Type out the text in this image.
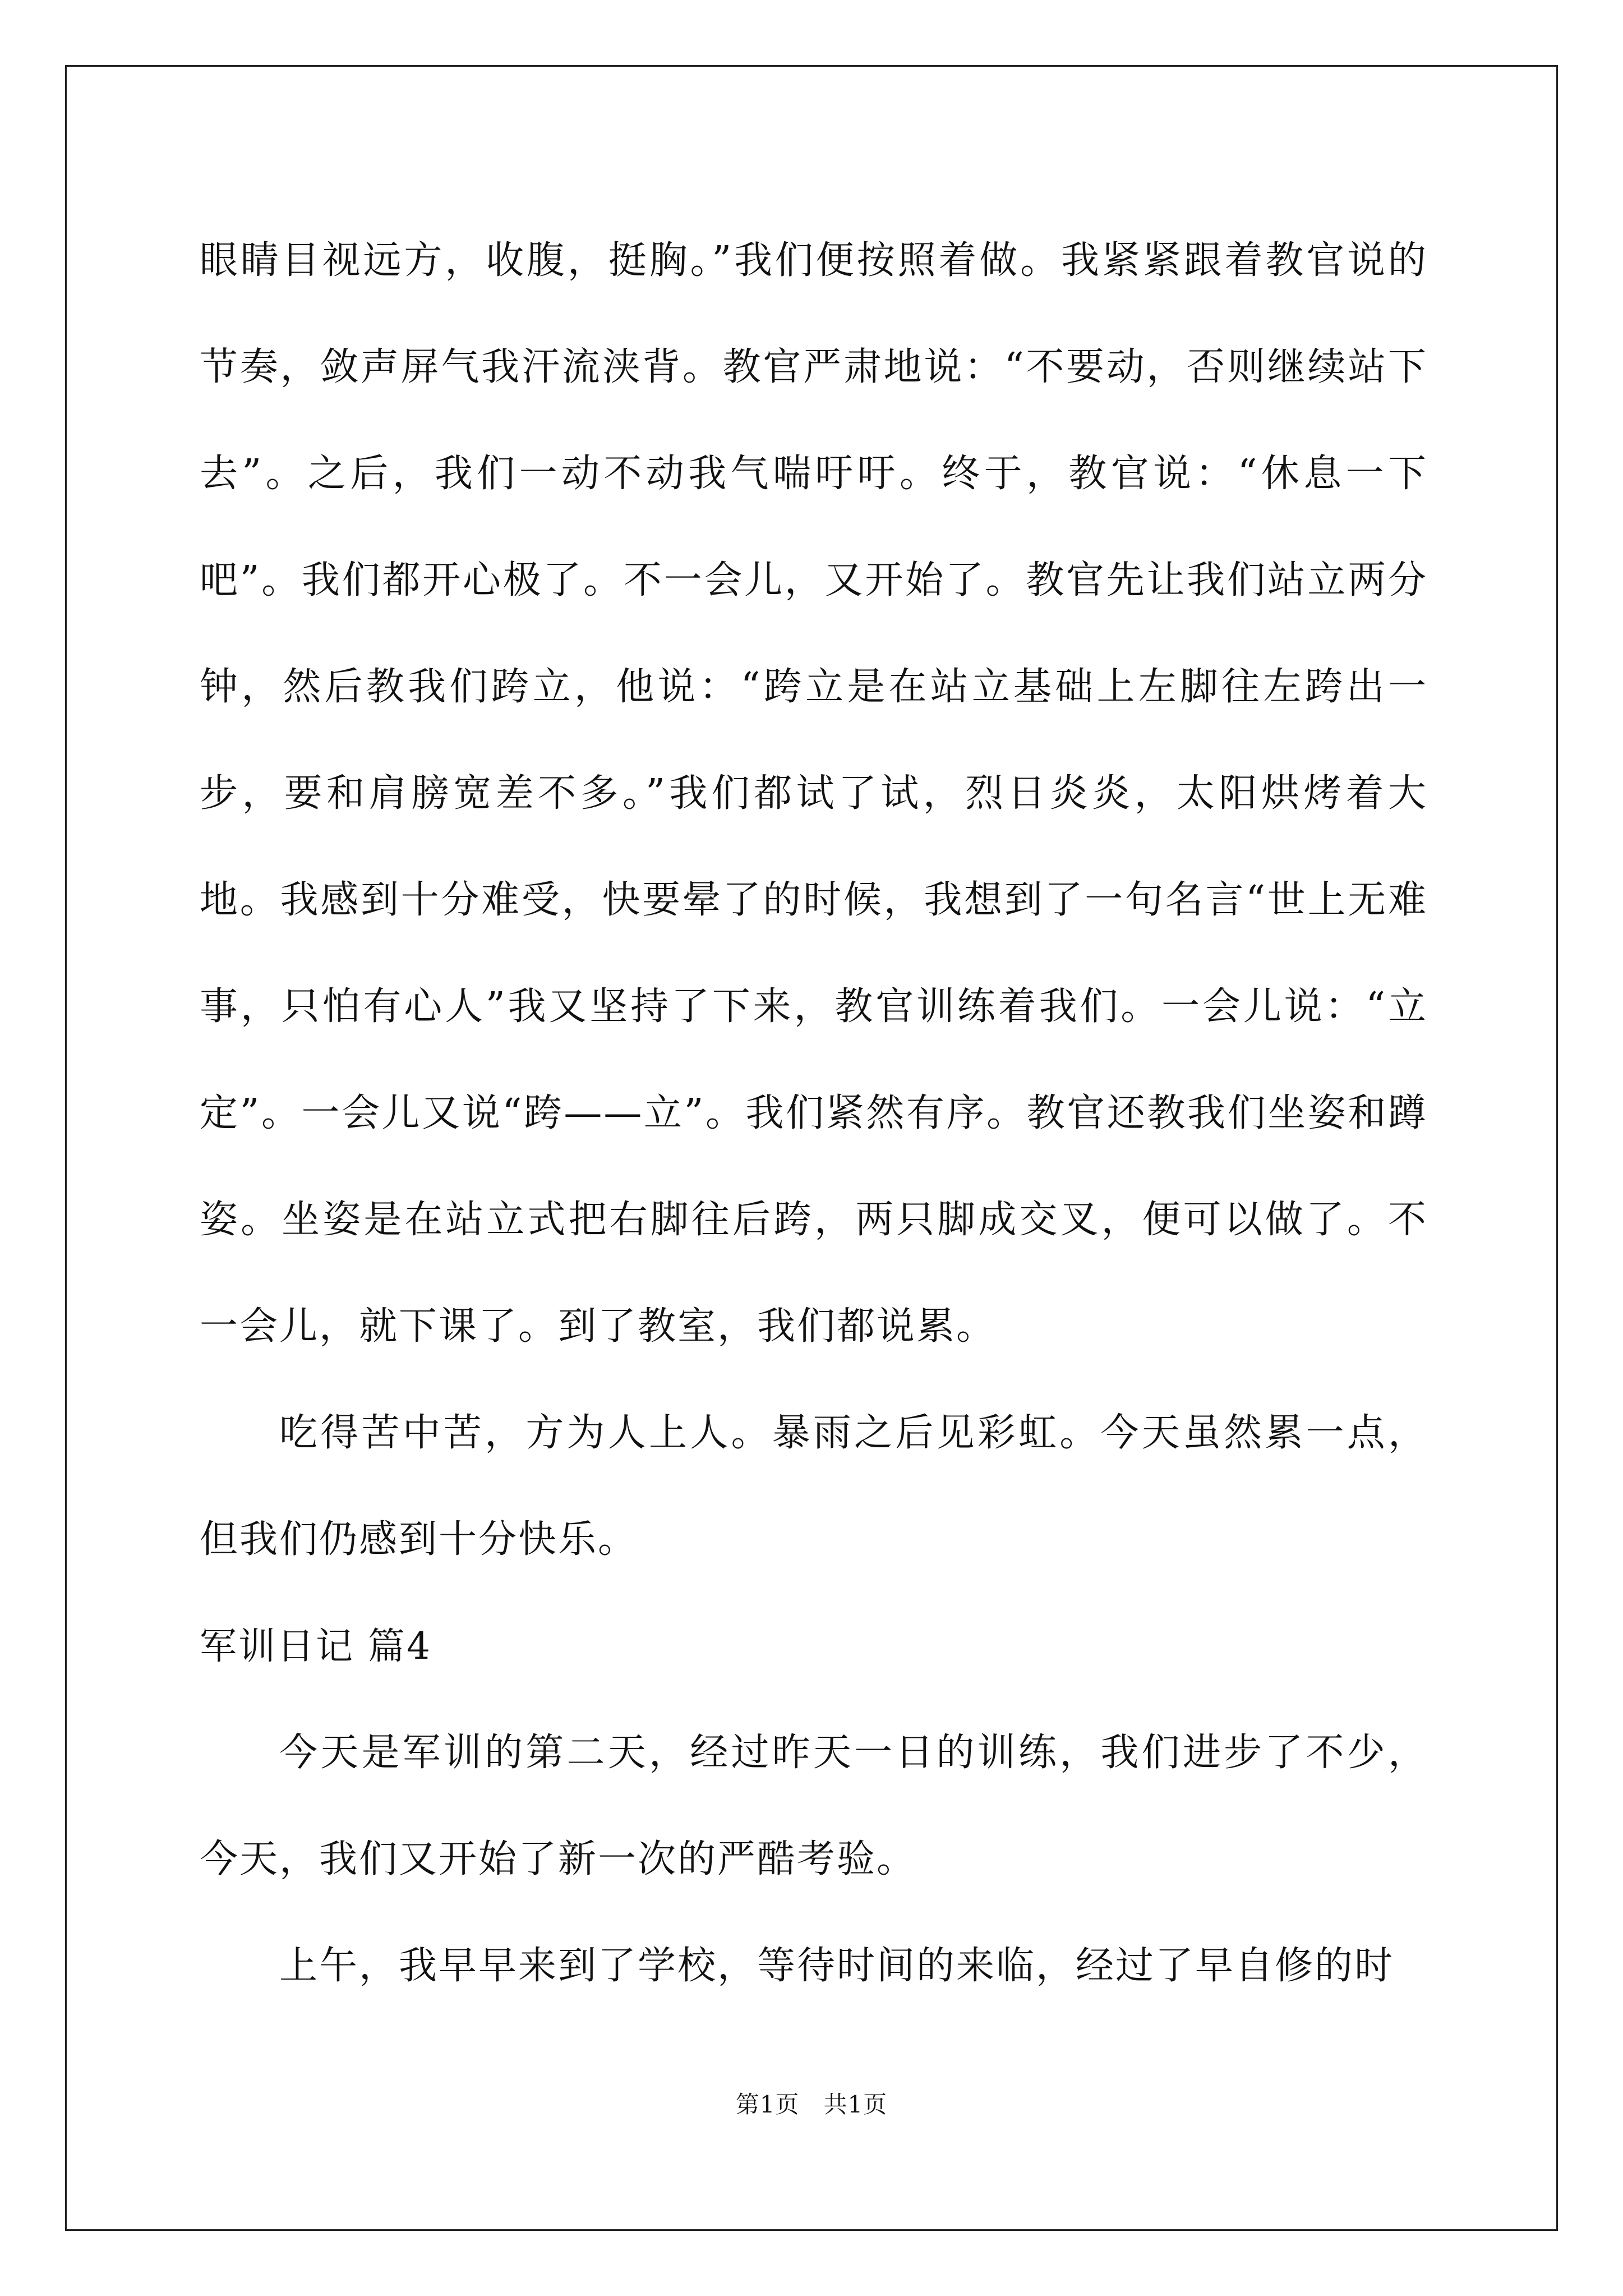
眼睛目视远方，收腹，挺胸。”我们便按照着做。我紧紧跟着教官说的节奏，敛声屏气我汗流浃背。教官严肃地说：“不要动，否则继续站下去”。之后，我们一动不动我气喘吁吁。终于，教官说：“休息一下吧”。我们都开心极了。不一会儿，又开始了。教官先让我们站立两分钟，然后教我们跨立，他说：“跨立是在站立基础上左脚往左跨出一步，要和肩膀宽差不多。”我们都试了试，烈日炎炎，太阳烘烤着大地。我感到十分难受，快要晕了的时候，我想到了一句名言“世上无难事，只怕有心人”我又坚持了下来，教官训练着我们。一会儿说：“立定”。一会儿又说“跨——立”。我们紧然有序。教官还教我们坐姿和蹲姿。坐姿是在站立式把右脚往后跨，两只脚成交叉，便可以做了。不一会儿，就下课了。到了教室，我们都说累。

吃得苦中苦，方为人上人。暴雨之后见彩虹。今天虽然累一点，但我们仍感到十分快乐。

军训日记 篇4

今天是军训的第二天，经过昨天一日的训练，我们进步了不少，今天，我们又开始了新一次的严酷考验。

上午，我早早来到了学校，等待时间的来临，经过了早自修的时

第1页　共1页
